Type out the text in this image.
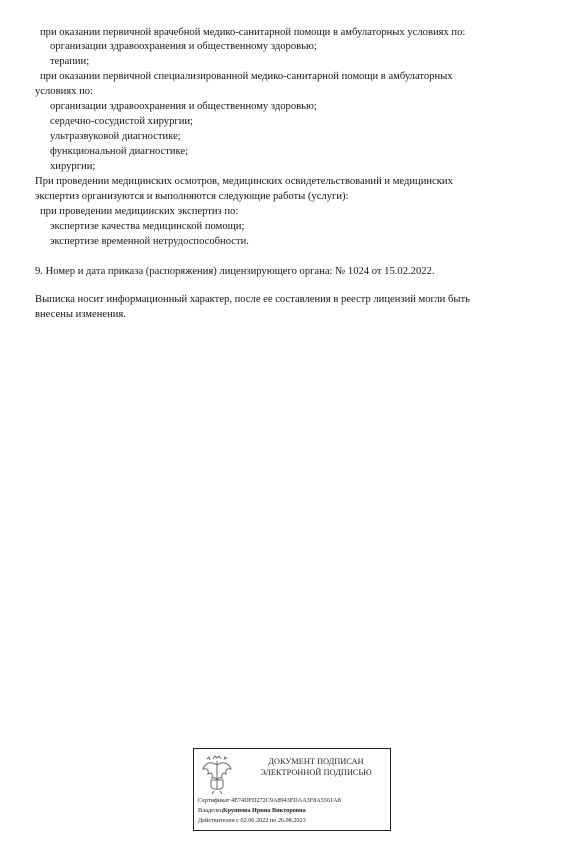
при оказании первичной врачебной медико-санитарной помощи в амбулаторных условиях по:
организации здравоохранения и общественному здоровью;
терапии;
при оказании первичной специализированной медико-санитарной помощи в амбулаторных
условиях по:
организации здравоохранения и общественному здоровью;
сердечно-сосудистой хирургии;
ультразвуковой диагностике;
функциональной диагностике;
хирургии;
При проведении медицинских осмотров, медицинских освидетельствований и медицинских
экспертиз организуются и выполняются следующие работы (услуги):
при проведении медицинских экспертиз по:
экспертизе качества медицинской помощи;
экспертизе временной нетрудоспособности.
9. Номер и дата приказа (распоряжения) лицензирующего органа: № 1024 от 15.02.2022.
Выписка носит информационный характер, после ее составления в реестр лицензий могли быть
внесены изменения.
ДОКУМЕНТ ПОДПИСАН
ЭЛЕКТРОННОЙ ПОДПИСЬЮ
Сертификат 4E74DFD272C9A8943FDAA3F8A5561A8
ВладелецКрупнова Ирина Викторовна
Действителен с 02.06.2022 по 26.08.2023
